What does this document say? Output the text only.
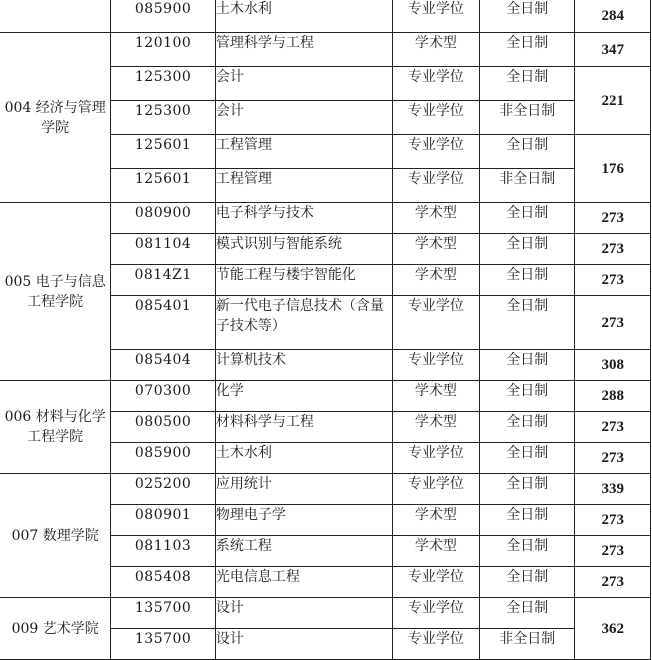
	085900	土木水利	专业学位	全日制	284
004 经济与管理学院	120100	管理科学与工程	学术型	全日制	347
	125300	会计	专业学位	全日制	221
	125300	会计	专业学位	非全日制	
	125601	工程管理	专业学位	全日制	176
	125601	工程管理	专业学位	非全日制	
005 电子与信息工程学院	080900	电子科学与技术	学术型	全日制	273
	081104	模式识别与智能系统	学术型	全日制	273
	0814Z1	节能工程与楼宇智能化	学术型	全日制	273
	085401	新一代电子信息技术（含量子技术等）	专业学位	全日制	273
	085404	计算机技术	专业学位	全日制	308
006 材料与化学工程学院	070300	化学	学术型	全日制	288
	080500	材料科学与工程	学术型	全日制	273
	085900	土木水利	专业学位	全日制	273
007 数理学院	025200	应用统计	专业学位	全日制	339
	080901	物理电子学	学术型	全日制	273
	081103	系统工程	学术型	全日制	273
	085408	光电信息工程	专业学位	全日制	273
009 艺术学院	135700	设计	专业学位	全日制	362
	135700	设计	专业学位	非全日制	
